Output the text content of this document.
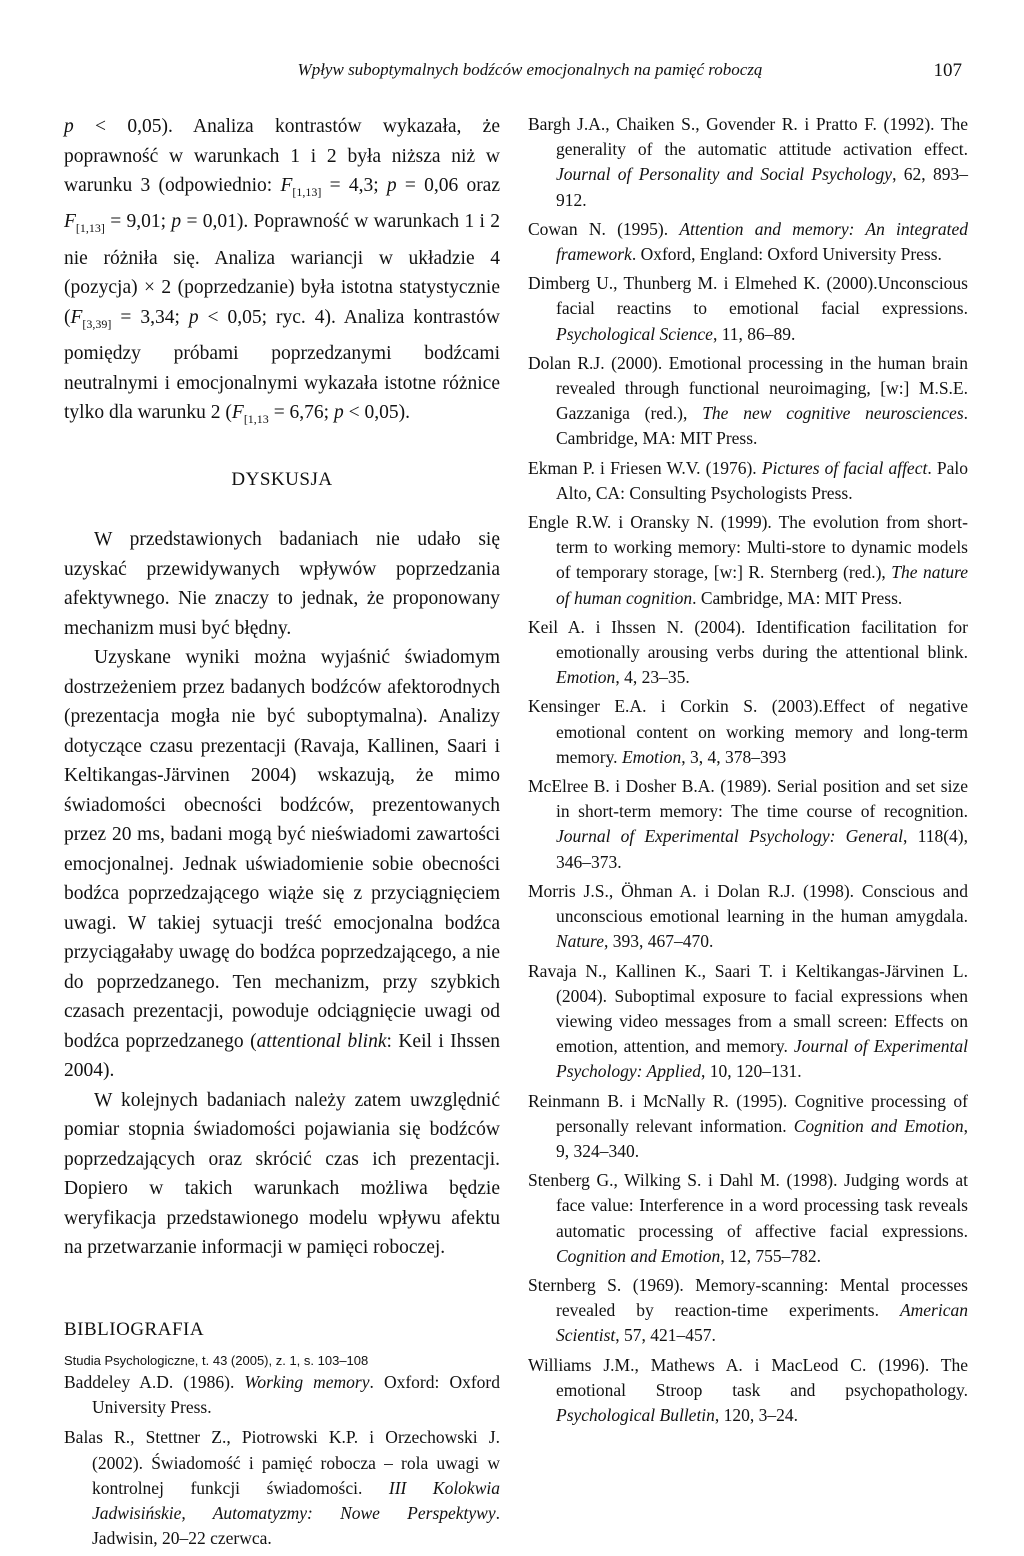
Wpływ suboptymalnych bodźców emocjonalnych na pamięć roboczą	107

p < 0,05). Analiza kontrastów wykazała, że poprawność w warunkach 1 i 2 była niższa niż w warunku 3 (odpowiednio: $F_{[1,13]} = 4,3$; p = 0,06 oraz $F_{[1,13]} = 9,01$; p = 0,01). Poprawność w warunkach 1 i 2 nie różniła się. Analiza wariancji w układzie 4 (pozycja) × 2 (poprzedzanie) była istotna statystycznie ($F_{[3,39]} = 3,34$; p < 0,05; ryc. 4). Analiza kontrastów pomiędzy próbami poprzedzanymi bodźcami neutralnymi i emocjonalnymi wykazała istotne różnice tylko dla warunku 2 ($F_{[1,13} = 6,76$; p < 0,05).

DYSKUSJA

W przedstawionych badaniach nie udało się uzyskać przewidywanych wpływów poprzedzania afektywnego. Nie znaczy to jednak, że proponowany mechanizm musi być błędny.

Uzyskane wyniki można wyjaśnić świadomym dostrzeżeniem przez badanych bodźców afektorodnych (prezentacja mogła nie być suboptymalna). Analizy dotyczące czasu prezentacji (Ravaja, Kallinen, Saari i Keltikangas-Järvinen 2004) wskazują, że mimo świadomości obecności bodźców, prezentowanych przez 20 ms, badani mogą być nieświadomi zawartości emocjonalnej. Jednak uświadomienie sobie obecności bodźca poprzedzającego wiąże się z przyciągnięciem uwagi. W takiej sytuacji treść emocjonalna bodźca przyciągałaby uwagę do bodźca poprzedzającego, a nie do poprzedzanego. Ten mechanizm, przy szybkich czasach prezentacji, powoduje odciągnięcie uwagi od bodźca poprzedzanego (attentional blink: Keil i Ihssen 2004).

W kolejnych badaniach należy zatem uwzględnić pomiar stopnia świadomości pojawiania się bodźców poprzedzających oraz skrócić czas ich prezentacji. Dopiero w takich warunkach możliwa będzie weryfikacja przedstawionego modelu wpływu afektu na przetwarzanie informacji w pamięci roboczej.

BIBLIOGRAFIA

Baddeley A.D. (1986). Working memory. Oxford: Oxford University Press.

Balas R., Stettner Z., Piotrowski K.P. i Orzechowski J. (2002). Świadomość i pamięć robocza – rola uwagi w kontrolnej funkcji świadomości. III Kolokwia Jadwisińskie, Automatyzmy: Nowe Perspektywy. Jadwisin, 20–22 czerwca.

Bargh J.A., Chaiken S., Govender R. i Pratto F. (1992). The generality of the automatic attitude activation effect. Journal of Personality and Social Psychology, 62, 893–912.

Cowan N. (1995). Attention and memory: An integrated framework. Oxford, England: Oxford University Press.

Dimberg U., Thunberg M. i Elmehed K. (2000).Unconscious facial reactins to emotional facial expressions. Psychological Science, 11, 86–89.

Dolan R.J. (2000). Emotional processing in the human brain revealed through functional neuroimaging, [w:] M.S.E. Gazzaniga (red.), The new cognitive neurosciences. Cambridge, MA: MIT Press.

Ekman P. i Friesen W.V. (1976). Pictures of facial affect. Palo Alto, CA: Consulting Psychologists Press.

Engle R.W. i Oransky N. (1999). The evolution from short-term to working memory: Multi-store to dynamic models of temporary storage, [w:] R. Sternberg (red.), The nature of human cognition. Cambridge, MA: MIT Press.

Keil A. i Ihssen N. (2004). Identification facilitation for emotionally arousing verbs during the attentional blink. Emotion, 4, 23–35.

Kensinger E.A. i Corkin S. (2003).Effect of negative emotional content on working memory and long-term memory. Emotion, 3, 4, 378–393

McElree B. i Dosher B.A. (1989). Serial position and set size in short-term memory: The time course of recognition. Journal of Experimental Psychology: General, 118(4), 346–373.

Morris J.S., Öhman A. i Dolan R.J. (1998). Conscious and unconscious emotional learning in the human amygdala. Nature, 393, 467–470.

Ravaja N., Kallinen K., Saari T. i Keltikangas-Järvinen L. (2004). Suboptimal exposure to facial expressions when viewing video messages from a small screen: Effects on emotion, attention, and memory. Journal of Experimental Psychology: Applied, 10, 120–131.

Reinmann B. i McNally R. (1995). Cognitive processing of personally relevant information. Cognition and Emotion, 9, 324–340.

Stenberg G., Wilking S. i Dahl M. (1998). Judging words at face value: Interference in a word processing task reveals automatic processing of affective facial expressions. Cognition and Emotion, 12, 755–782.

Sternberg S. (1969). Memory-scanning: Mental processes revealed by reaction-time experiments. American Scientist, 57, 421–457.

Williams J.M., Mathews A. i MacLeod C. (1996). The emotional Stroop task and psychopathology. Psychological Bulletin, 120, 3–24.

Studia Psychologiczne, t. 43 (2005), z. 1, s. 103–108
